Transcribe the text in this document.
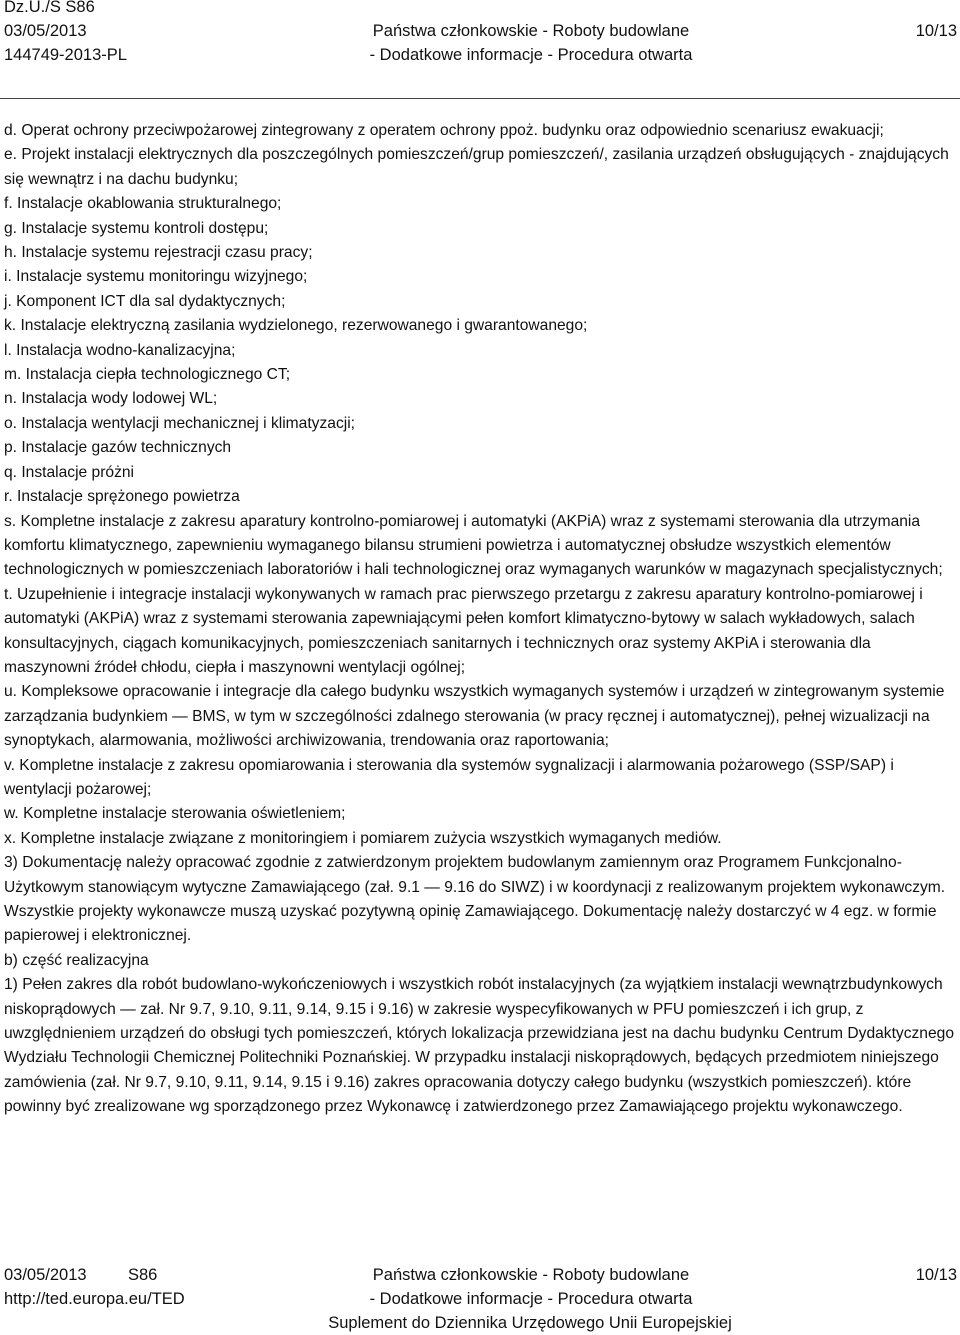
Dz.U./S S86
03/05/2013
144749-2013-PL
Państwa członkowskie - Roboty budowlane
- Dodatkowe informacje - Procedura otwarta
10/13
d. Operat ochrony przeciwpożarowej zintegrowany z operatem ochrony ppoż. budynku oraz odpowiednio scenariusz ewakuacji;
e. Projekt instalacji elektrycznych dla poszczególnych pomieszczeń/grup pomieszczeń/, zasilania urządzeń obsługujących - znajdujących się wewnątrz i na dachu budynku;
f. Instalacje okablowania strukturalnego;
g. Instalacje systemu kontroli dostępu;
h. Instalacje systemu rejestracji czasu pracy;
i. Instalacje systemu monitoringu wizyjnego;
j. Komponent ICT dla sal dydaktycznych;
k. Instalacje elektryczną zasilania wydzielonego, rezerwowanego i gwarantowanego;
l. Instalacja wodno-kanalizacyjna;
m. Instalacja ciepła technologicznego CT;
n. Instalacja wody lodowej WL;
o. Instalacja wentylacji mechanicznej i klimatyzacji;
p. Instalacje gazów technicznych
q. Instalacje próżni
r. Instalacje sprężonego powietrza
s. Kompletne instalacje z zakresu aparatury kontrolno-pomiarowej i automatyki (AKPiA) wraz z systemami sterowania dla utrzymania komfortu klimatycznego, zapewnieniu wymaganego bilansu strumieni powietrza i automatycznej obsłudze wszystkich elementów technologicznych w pomieszczeniach laboratoriów i hali technologicznej oraz wymaganych warunków w magazynach specjalistycznych;
t. Uzupełnienie i integracje instalacji wykonywanych w ramach prac pierwszego przetargu z zakresu aparatury kontrolno-pomiarowej i automatyki (AKPiA) wraz z systemami sterowania zapewniającymi pełen komfort klimatyczno-bytowy w salach wykładowych, salach konsultacyjnych, ciągach komunikacyjnych, pomieszczeniach sanitarnych i technicznych oraz systemy AKPiA i sterowania dla maszynowni źródeł chłodu, ciepła i maszynowni wentylacji ogólnej;
u. Kompleksowe opracowanie i integracje dla całego budynku wszystkich wymaganych systemów i urządzeń w zintegrowanym systemie zarządzania budynkiem — BMS, w tym w szczególności zdalnego sterowania (w pracy ręcznej i automatycznej), pełnej wizualizacji na synoptykach, alarmowania, możliwości archiwizowania, trendowania oraz raportowania;
v. Kompletne instalacje z zakresu opomiarowania i sterowania dla systemów sygnalizacji i alarmowania pożarowego (SSP/SAP) i wentylacji pożarowej;
w. Kompletne instalacje sterowania oświetleniem;
x. Kompletne instalacje związane z monitoringiem i pomiarem zużycia wszystkich wymaganych mediów.
3) Dokumentację należy opracować zgodnie z zatwierdzonym projektem budowlanym zamiennym oraz Programem Funkcjonalno-Użytkowym stanowiącym wytyczne Zamawiającego (zał. 9.1 — 9.16 do SIWZ) i w koordynacji z realizowanym projektem wykonawczym. Wszystkie projekty wykonawcze muszą uzyskać pozytywną opinię Zamawiającego. Dokumentację należy dostarczyć w 4 egz. w formie papierowej i elektronicznej.
b) część realizacyjna
1) Pełen zakres dla robót budowlano-wykończeniowych i wszystkich robót instalacyjnych (za wyjątkiem instalacji wewnątrzbudynkowych niskoprądowych — zał. Nr 9.7, 9.10, 9.11, 9.14, 9.15 i 9.16) w zakresie wyspecyfikowanych w PFU pomieszczeń i ich grup, z uwzględnieniem urządzeń do obsługi tych pomieszczeń, których lokalizacja przewidziana jest na dachu budynku Centrum Dydaktycznego Wydziału Technologii Chemicznej Politechniki Poznańskiej. W przypadku instalacji niskoprądowych, będących przedmiotem niniejszego zamówienia (zał. Nr 9.7, 9.10, 9.11, 9.14, 9.15 i 9.16) zakres opracowania dotyczy całego budynku (wszystkich pomieszczeń). które powinny być zrealizowane wg sporządzonego przez Wykonawcę i zatwierdzonego przez Zamawiającego projektu wykonawczego.
03/05/2013	S86
http://ted.europa.eu/TED
Państwa członkowskie - Roboty budowlane
- Dodatkowe informacje - Procedura otwarta
Suplement do Dziennika Urzędowego Unii Europejskiej
10/13
